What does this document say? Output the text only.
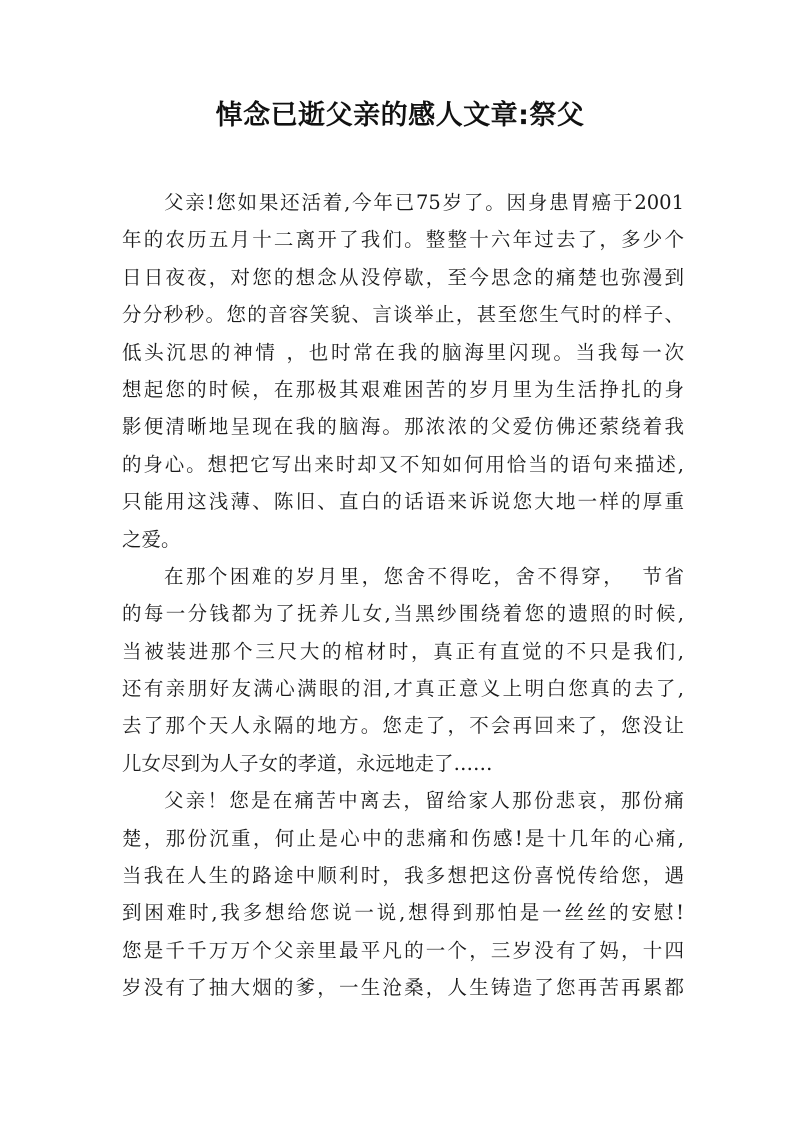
悼念已逝父亲的感人文章:祭父
父亲!您如果还活着,今年已75岁了。因身患胃癌于2001
年的农历五月十二离开了我们。整整十六年过去了，多少个
日日夜夜，对您的想念从没停歇，至今思念的痛楚也弥漫到
分分秒秒。您的音容笑貌、言谈举止，甚至您生气时的样子、
低头沉思的神情 ，也时常在我的脑海里闪现。当我每一次
想起您的时候，在那极其艰难困苦的岁月里为生活挣扎的身
影便清晰地呈现在我的脑海。那浓浓的父爱仿佛还萦绕着我
的身心。想把它写出来时却又不知如何用恰当的语句来描述,
只能用这浅薄、陈旧、直白的话语来诉说您大地一样的厚重
之爱。
在那个困难的岁月里，您舍不得吃，舍不得穿，  节省
的每一分钱都为了抚养儿女,当黑纱围绕着您的遗照的时候,
当被装进那个三尺大的棺材时，真正有直觉的不只是我们,
还有亲朋好友满心满眼的泪,才真正意义上明白您真的去了,
去了那个天人永隔的地方。您走了，不会再回来了，您没让
儿女尽到为人子女的孝道，永远地走了……
父亲！您是在痛苦中离去，留给家人那份悲哀，那份痛
楚，那份沉重，何止是心中的悲痛和伤感!是十几年的心痛,
当我在人生的路途中顺利时，我多想把这份喜悦传给您，遇
到困难时,我多想给您说一说,想得到那怕是一丝丝的安慰!
您是千千万万个父亲里最平凡的一个，三岁没有了妈，十四
岁没有了抽大烟的爹，一生沧桑，人生铸造了您再苦再累都
